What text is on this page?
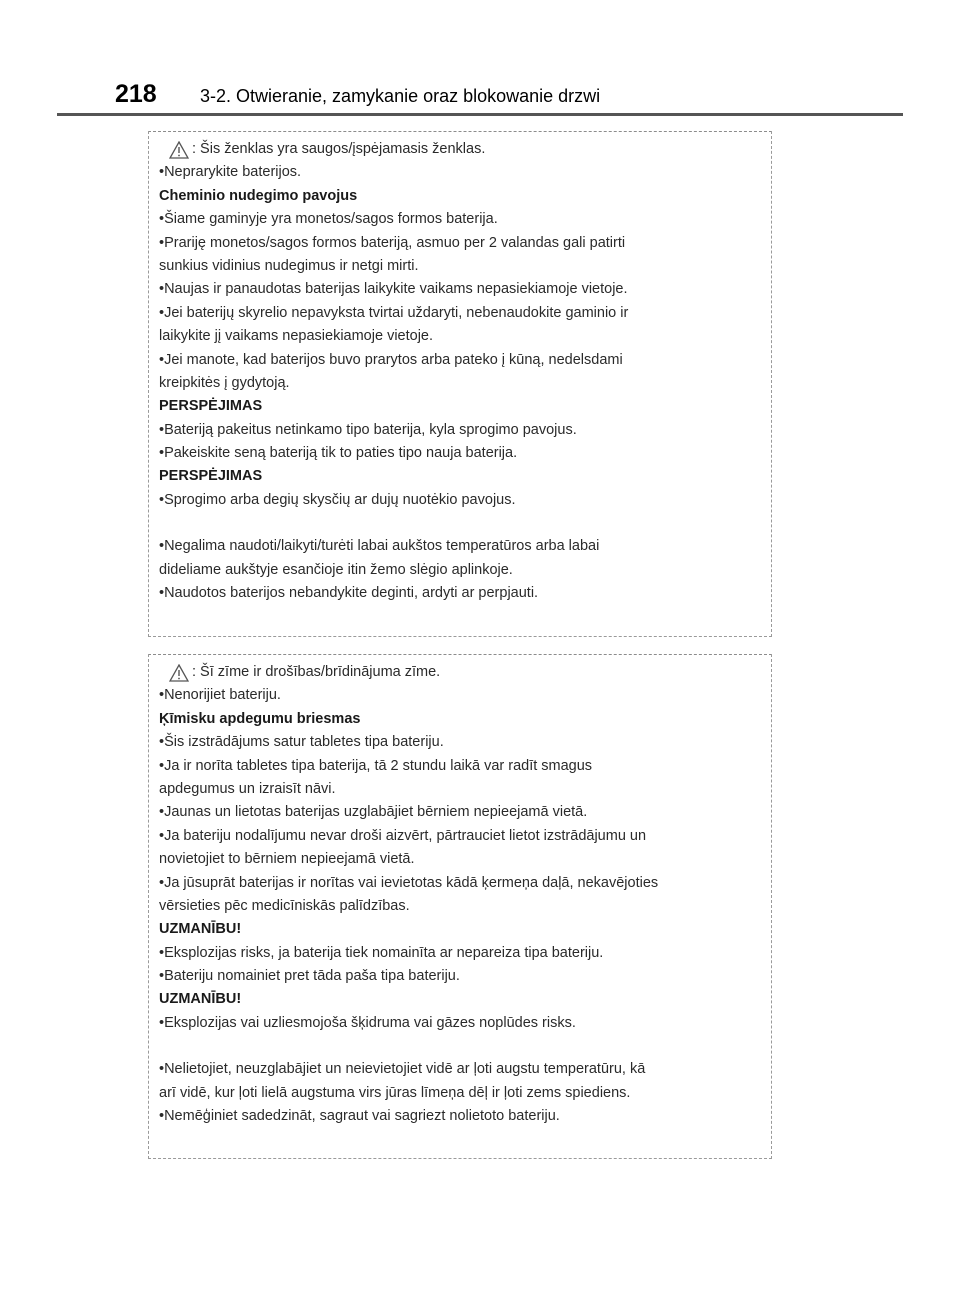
218 3-2. Otwieranie, zamykanie oraz blokowanie drzwi
: Šis ženklas yra saugos/įspėjamasis ženklas.
•Neprarykite baterijos.
Cheminio nudegimo pavojus
•Šiame gaminyje yra monetos/sagos formos baterija.
•Prariję monetos/sagos formos bateriją, asmuo per 2 valandas gali patirti
sunkius vidinius nudegimus ir netgi mirti.
•Naujas ir panaudotas baterijas laikykite vaikams nepasiekiamoje vietoje.
•Jei baterijų skyrelio nepavyksta tvirtai uždaryti, nebenaudokite gaminio ir
laikykite jį vaikams nepasiekiamoje vietoje.
•Jei manote, kad baterijos buvo prarytos arba pateko į kūną, nedelsdami
kreipkitės į gydytoją.
PERSPĖJIMAS
•Bateriją pakeitus netinkamo tipo baterija, kyla sprogimo pavojus.
•Pakeiskite seną bateriją tik to paties tipo nauja baterija.
PERSPĖJIMAS
•Sprogimo arba degių skysčių ar dujų nuotėkio pavojus.
•Negalima naudoti/laikyti/turėti labai aukštos temperatūros arba labai
dideliame aukštyje esančioje itin žemo slėgio aplinkoje.
•Naudotos baterijos nebandykite deginti, ardyti ar perpjauti.
: Šī zīme ir drošības/brīdinājuma zīme.
•Nenorijiet bateriju.
Ķīmisku apdegumu briesmas
•Šis izstrādājums satur tabletes tipa bateriju.
•Ja ir norīta tabletes tipa baterija, tā 2 stundu laikā var radīt smagus
apdegumus un izraisīt nāvi.
•Jaunas un lietotas baterijas uzglabājiet bērniem nepieejamā vietā.
•Ja bateriju nodalījumu nevar droši aizvērt, pārtrauciet lietot izstrādājumu un
novietojiet to bērniem nepieejamā vietā.
•Ja jūsuprāt baterijas ir norītas vai ievietotas kādā ķermeņa daļā, nekavējoties
vērsieties pēc medicīniskās palīdzības.
UZMANĪBU!
•Eksplozijas risks, ja baterija tiek nomainīta ar nepareiza tipa bateriju.
•Bateriju nomainiet pret tāda paša tipa bateriju.
UZMANĪBU!
•Eksplozijas vai uzliesmojoša šķidruma vai gāzes noplūdes risks.
•Nelietojiet, neuzglabājiet un neievietojiet vidē ar ļoti augstu temperatūru, kā
arī vidē, kur ļoti lielā augstuma virs jūras līmeņa dēļ ir ļoti zems spiediens.
•Nemēģiniet sadedzināt, sagraut vai sagriezt nolietoto bateriju.
